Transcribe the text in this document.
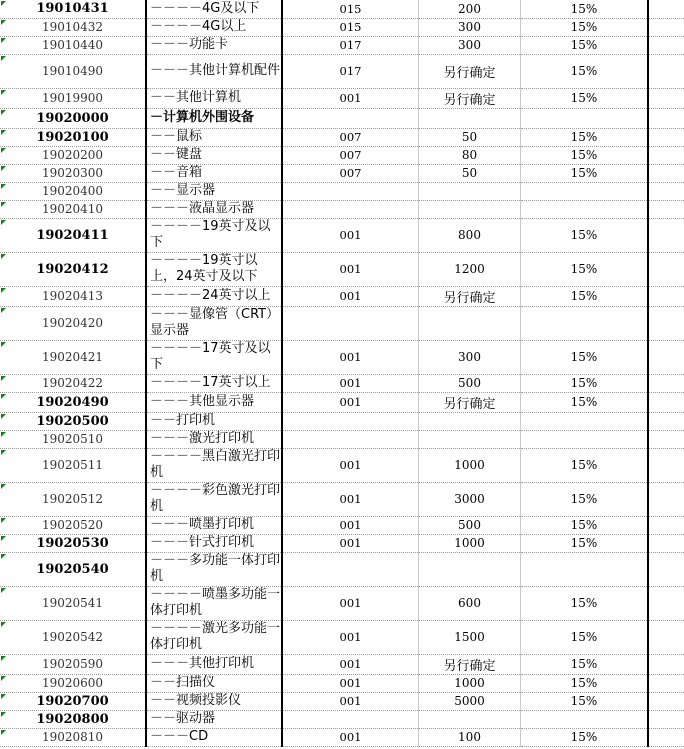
19010431	－－－－4G及以下	015	200	15%	
19010432	－－－－4G以上	015	300	15%	
19010440	－－－功能卡	017	300	15%	
19010490	－－－其他计算机配件	017	另行确定	15%	
19019900	－－其他计算机	001	另行确定	15%	
19020000	－计算机外围设备				
19020100	－－鼠标	007	50	15%	
19020200	－－键盘	007	80	15%	
19020300	－－音箱	007	50	15%	
19020400	－－显示器				
19020410	－－－液晶显示器				
19020411	－－－－19英寸及以下	001	800	15%	
19020412	－－－－19英寸以上，24英寸及以下	001	1200	15%	
19020413	－－－－24英寸以上	001	另行确定	15%	
19020420	－－－显像管（CRT）显示器				
19020421	－－－－17英寸及以下	001	300	15%	
19020422	－－－－17英寸以上	001	500	15%	
19020490	－－－其他显示器	001	另行确定	15%	
19020500	－－打印机				
19020510	－－－激光打印机				
19020511	－－－－黑白激光打印机	001	1000	15%	
19020512	－－－－彩色激光打印机	001	3000	15%	
19020520	－－－喷墨打印机	001	500	15%	
19020530	－－－针式打印机	001	1000	15%	
19020540	－－－多功能一体打印机				
19020541	－－－－喷墨多功能一体打印机	001	600	15%	
19020542	－－－－激光多功能一体打印机	001	1500	15%	
19020590	－－－其他打印机	001	另行确定	15%	
19020600	－－扫描仪	001	1000	15%	
19020700	－－视频投影仪	001	5000	15%	
19020800	－－驱动器				
19020810	－－－CD	001	100	15%	
